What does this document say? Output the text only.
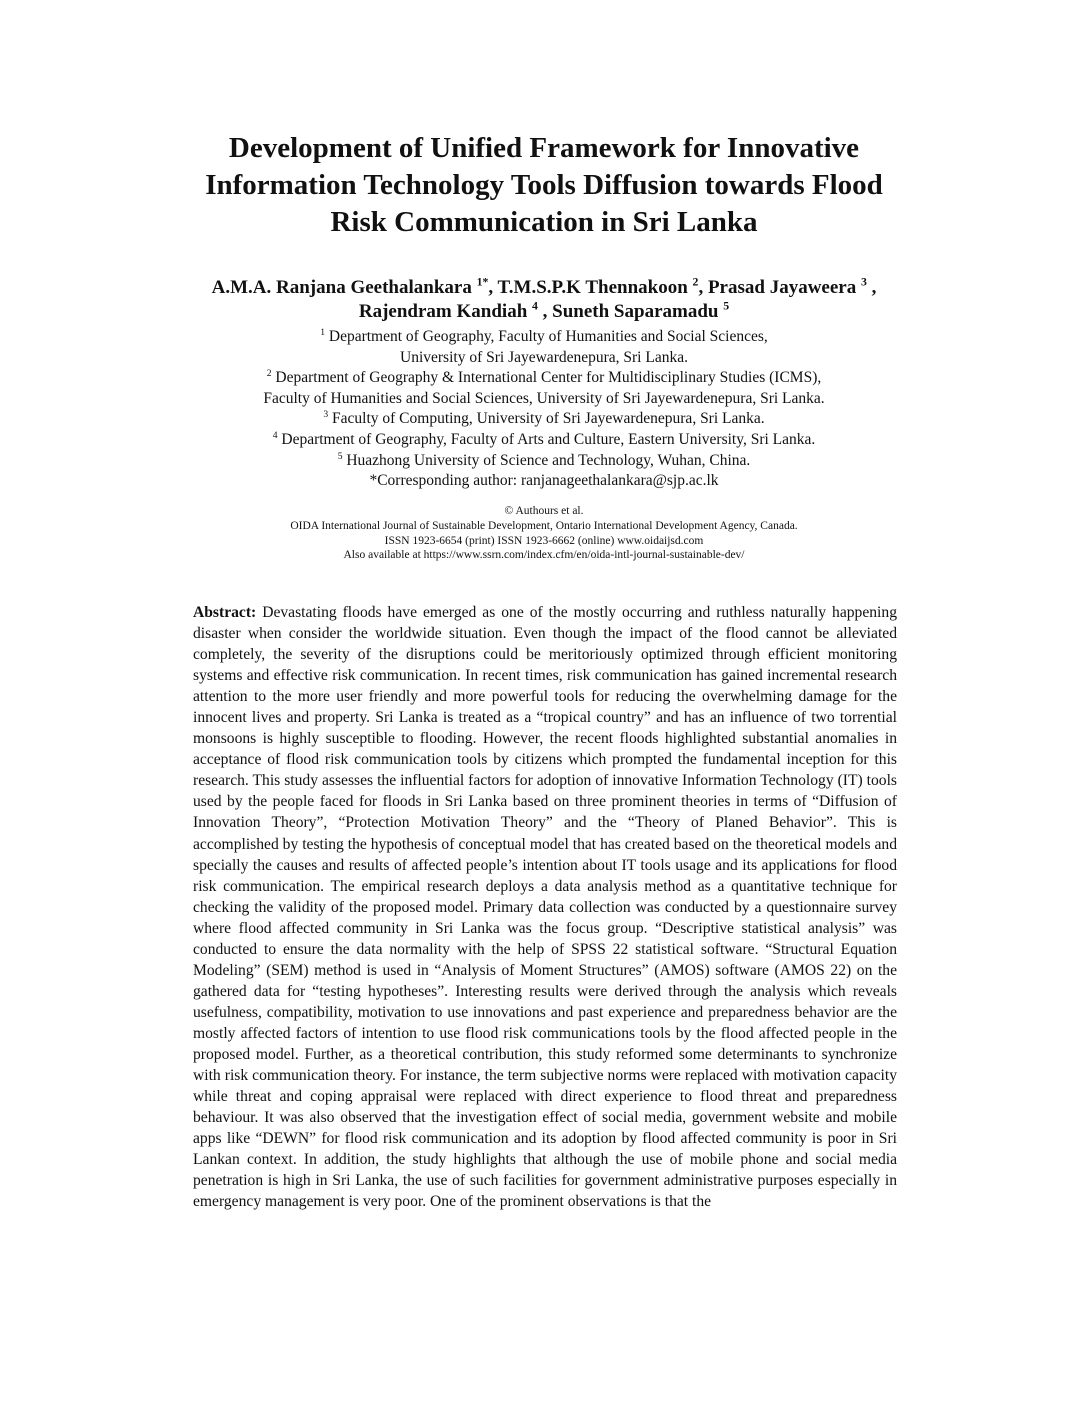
Development of Unified Framework for Innovative
Information Technology Tools Diffusion towards Flood
Risk Communication in Sri Lanka
A.M.A. Ranjana Geethalankara $^{1*}$, T.M.S.P.K Thennakoon $^2$, Prasad Jayaweera $^3$ ,
Rajendram Kandiah $^4$ , Suneth Saparamadu $^5$
$^1$ Department of Geography, Faculty of Humanities and Social Sciences,
University of Sri Jayewardenepura, Sri Lanka.
$^2$ Department of Geography & International Center for Multidisciplinary Studies (ICMS),
Faculty of Humanities and Social Sciences, University of Sri Jayewardenepura, Sri Lanka.
$^3$ Faculty of Computing, University of Sri Jayewardenepura, Sri Lanka.
$^4$ Department of Geography, Faculty of Arts and Culture, Eastern University, Sri Lanka.
$^5$ Huazhong University of Science and Technology, Wuhan, China.
*Corresponding author: ranjanageethalankara@sjp.ac.lk
© Authours et al.
OIDA International Journal of Sustainable Development, Ontario International Development Agency, Canada.
ISSN 1923-6654 (print) ISSN 1923-6662 (online) www.oidaijsd.com
Also available at https://www.ssrn.com/index.cfm/en/oida-intl-journal-sustainable-dev/

Abstract: Devastating floods have emerged as one of the mostly occurring and ruthless naturally happening disaster when consider the worldwide situation. Even though the impact of the flood cannot be alleviated completely, the severity of the disruptions could be meritoriously optimized through efficient monitoring systems and effective risk communication. In recent times, risk communication has gained incremental research attention to the more user friendly and more powerful tools for reducing the overwhelming damage for the innocent lives and property. Sri Lanka is treated as a “tropical country” and has an influence of two torrential monsoons is highly susceptible to flooding. However, the recent floods highlighted substantial anomalies in acceptance of flood risk communication tools by citizens which prompted the fundamental inception for this research. This study assesses the influential factors for adoption of innovative Information Technology (IT) tools used by the people faced for floods in Sri Lanka based on three prominent theories in terms of “Diffusion of Innovation Theory”, “Protection Motivation Theory” and the “Theory of Planed Behavior”. This is accomplished by testing the hypothesis of conceptual model that has created based on the theoretical models and specially the causes and results of affected people’s intention about IT tools usage and its applications for flood risk communication. The empirical research deploys a data analysis method as a quantitative technique for checking the validity of the proposed model. Primary data collection was conducted by a questionnaire survey where flood affected community in Sri Lanka was the focus group. “Descriptive statistical analysis” was conducted to ensure the data normality with the help of SPSS 22 statistical software. “Structural Equation Modeling” (SEM) method is used in “Analysis of Moment Structures” (AMOS) software (AMOS 22) on the gathered data for “testing hypotheses”. Interesting results were derived through the analysis which reveals usefulness, compatibility, motivation to use innovations and past experience and preparedness behavior are the mostly affected factors of intention to use flood risk communications tools by the flood affected people in the proposed model. Further, as a theoretical contribution, this study reformed some determinants to synchronize with risk communication theory. For instance, the term subjective norms were replaced with motivation capacity while threat and coping appraisal were replaced with direct experience to flood threat and preparedness behaviour. It was also observed that the investigation effect of social media, government website and mobile apps like “DEWN” for flood risk communication and its adoption by flood affected community is poor in Sri Lankan context. In addition, the study highlights that although the use of mobile phone and social media penetration is high in Sri Lanka, the use of such facilities for government administrative purposes especially in emergency management is very poor. One of the prominent observations is that the
